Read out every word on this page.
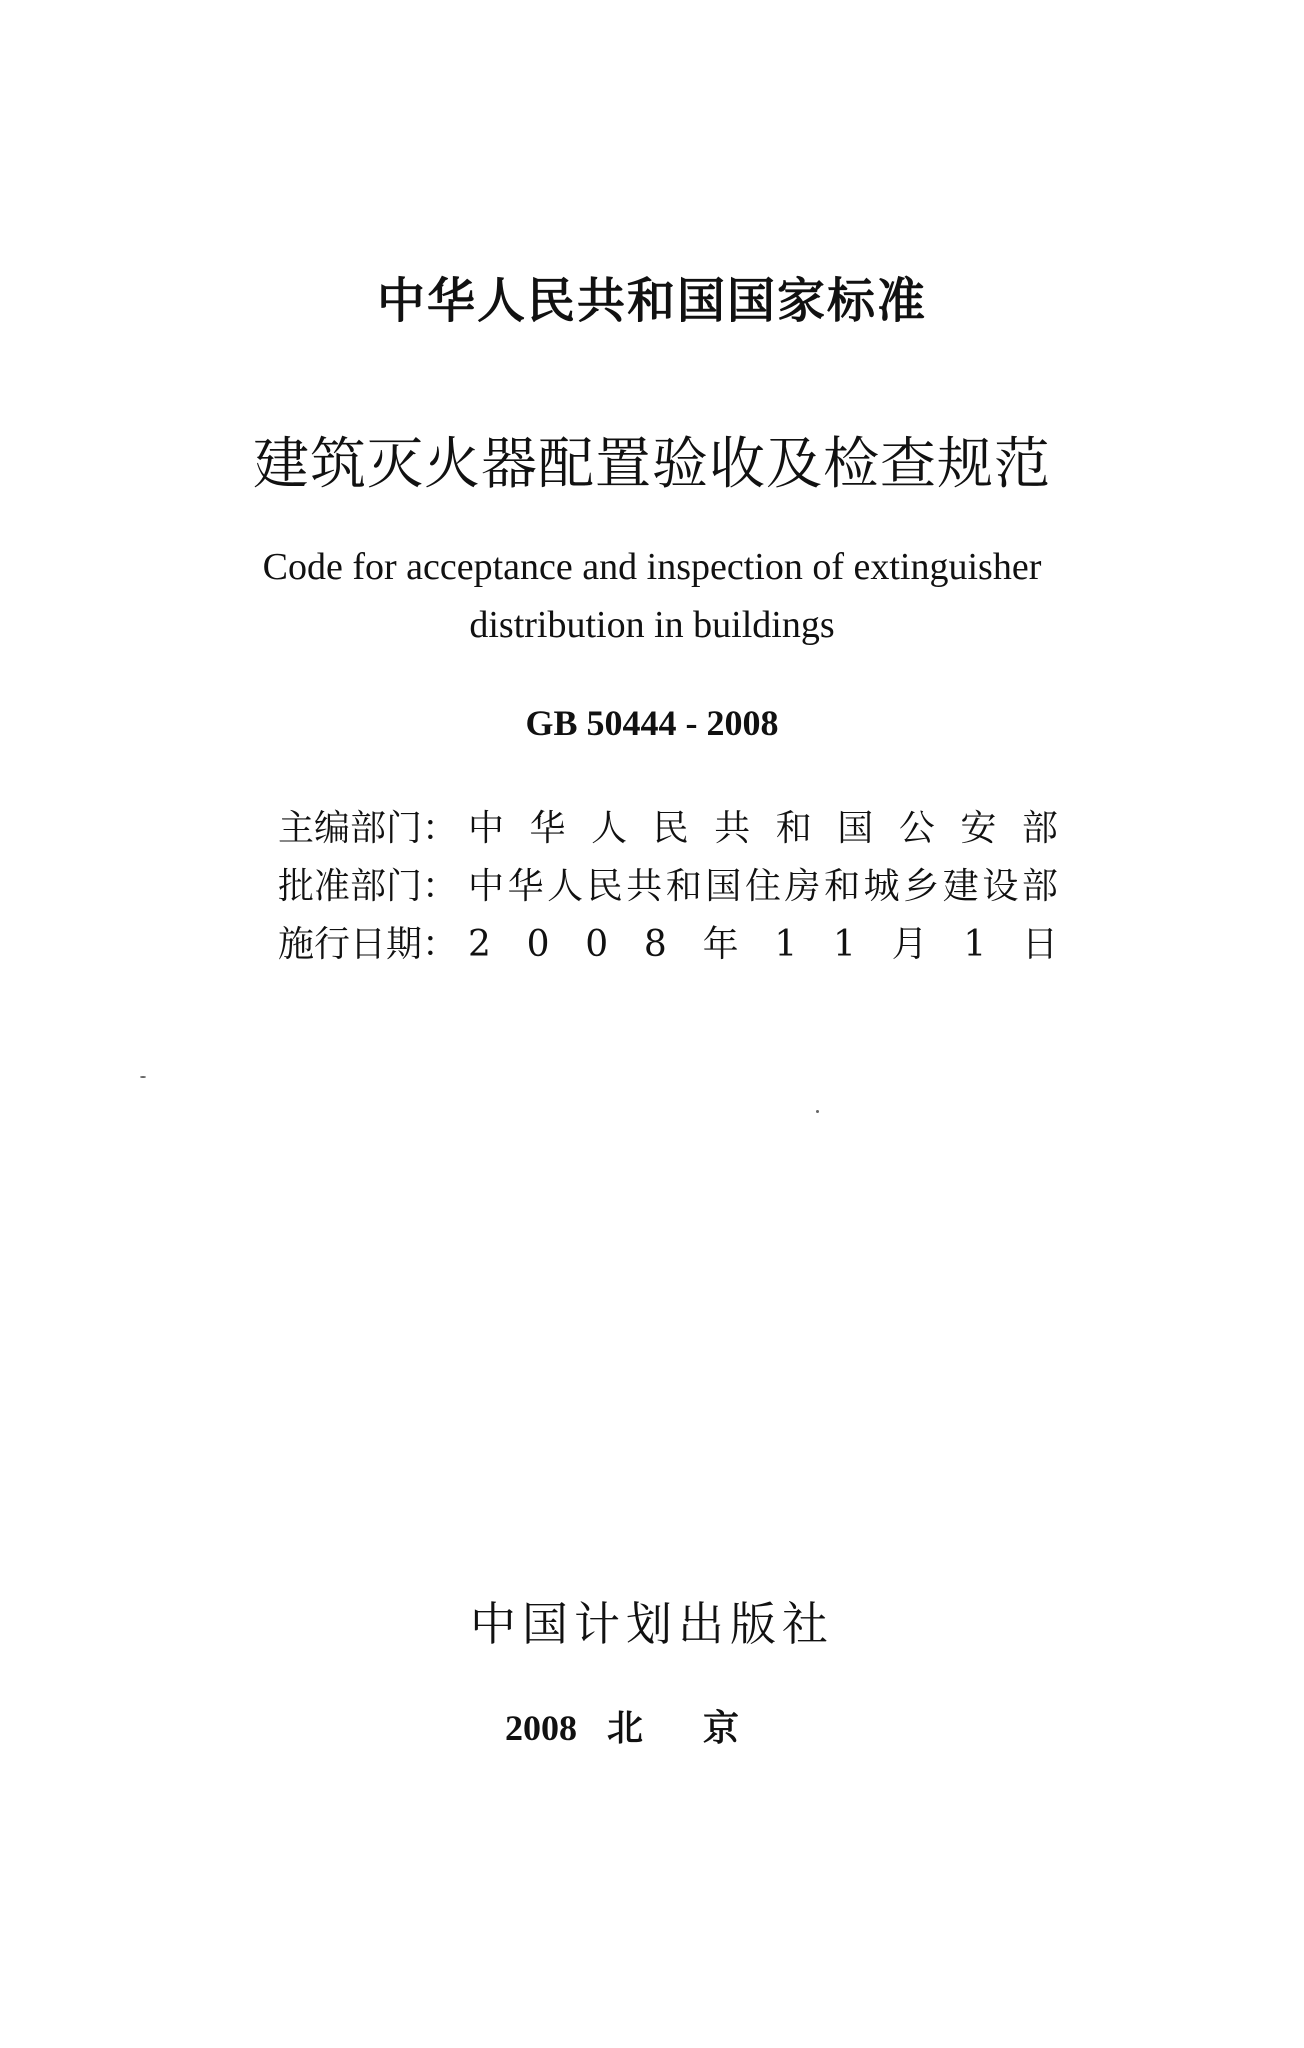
中华人民共和国国家标准
建筑灭火器配置验收及检查规范
Code for acceptance and inspection of extinguisher
distribution in buildings
GB 50444 - 2008
主编部门： 中 华 人 民 共 和 国 公 安 部
批准部门： 中 华 人 民 共 和 国 住 房 和 城 乡 建 设 部
施行日期： 2 0 0 8 年 1 1 月 1 日
中国计划出版社
2008 北京
